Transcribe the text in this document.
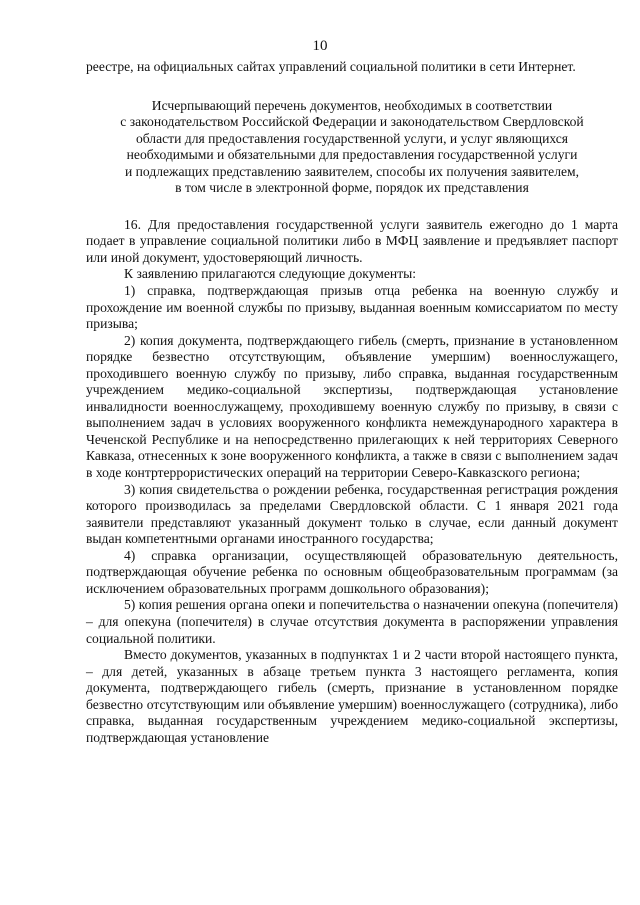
10

реестре, на официальных сайтах управлений социальной политики в сети Интернет.

Исчерпывающий перечень документов, необходимых в соответствии
с законодательством Российской Федерации и законодательством Свердловской
области для предоставления государственной услуги, и услуг являющихся
необходимыми и обязательными для предоставления государственной услуги
и подлежащих представлению заявителем, способы их получения заявителем,
в том числе в электронной форме, порядок их представления

16. Для предоставления государственной услуги заявитель ежегодно до 1 марта подает в управление социальной политики либо в МФЦ заявление и предъявляет паспорт или иной документ, удостоверяющий личность.

К заявлению прилагаются следующие документы:

1) справка, подтверждающая призыв отца ребенка на военную службу и прохождение им военной службы по призыву, выданная военным комиссариатом по месту призыва;

2) копия документа, подтверждающего гибель (смерть, признание в установленном порядке безвестно отсутствующим, объявление умершим) военнослужащего, проходившего военную службу по призыву, либо справка, выданная государственным учреждением медико-социальной экспертизы, подтверждающая установление инвалидности военнослужащему, проходившему военную службу по призыву, в связи с выполнением задач в условиях вооруженного конфликта немеждународного характера в Чеченской Республике и на непосредственно прилегающих к ней территориях Северного Кавказа, отнесенных к зоне вооруженного конфликта, а также в связи с выполнением задач в ходе контртеррористических операций на территории Северо-Кавказского региона;

3) копия свидетельства о рождении ребенка, государственная регистрация рождения которого производилась за пределами Свердловской области. С 1 января 2021 года заявители представляют указанный документ только в случае, если данный документ выдан компетентными органами иностранного государства;

4) справка организации, осуществляющей образовательную деятельность, подтверждающая обучение ребенка по основным общеобразовательным программам (за исключением образовательных программ дошкольного образования);

5) копия решения органа опеки и попечительства о назначении опекуна (попечителя) – для опекуна (попечителя) в случае отсутствия документа в распоряжении управления социальной политики.

Вместо документов, указанных в подпунктах 1 и 2 части второй настоящего пункта, – для детей, указанных в абзаце третьем пункта 3 настоящего регламента, копия документа, подтверждающего гибель (смерть, признание в установленном порядке безвестно отсутствующим или объявление умершим) военнослужащего (сотрудника), либо справка, выданная государственным учреждением медико-социальной экспертизы, подтверждающая установление
